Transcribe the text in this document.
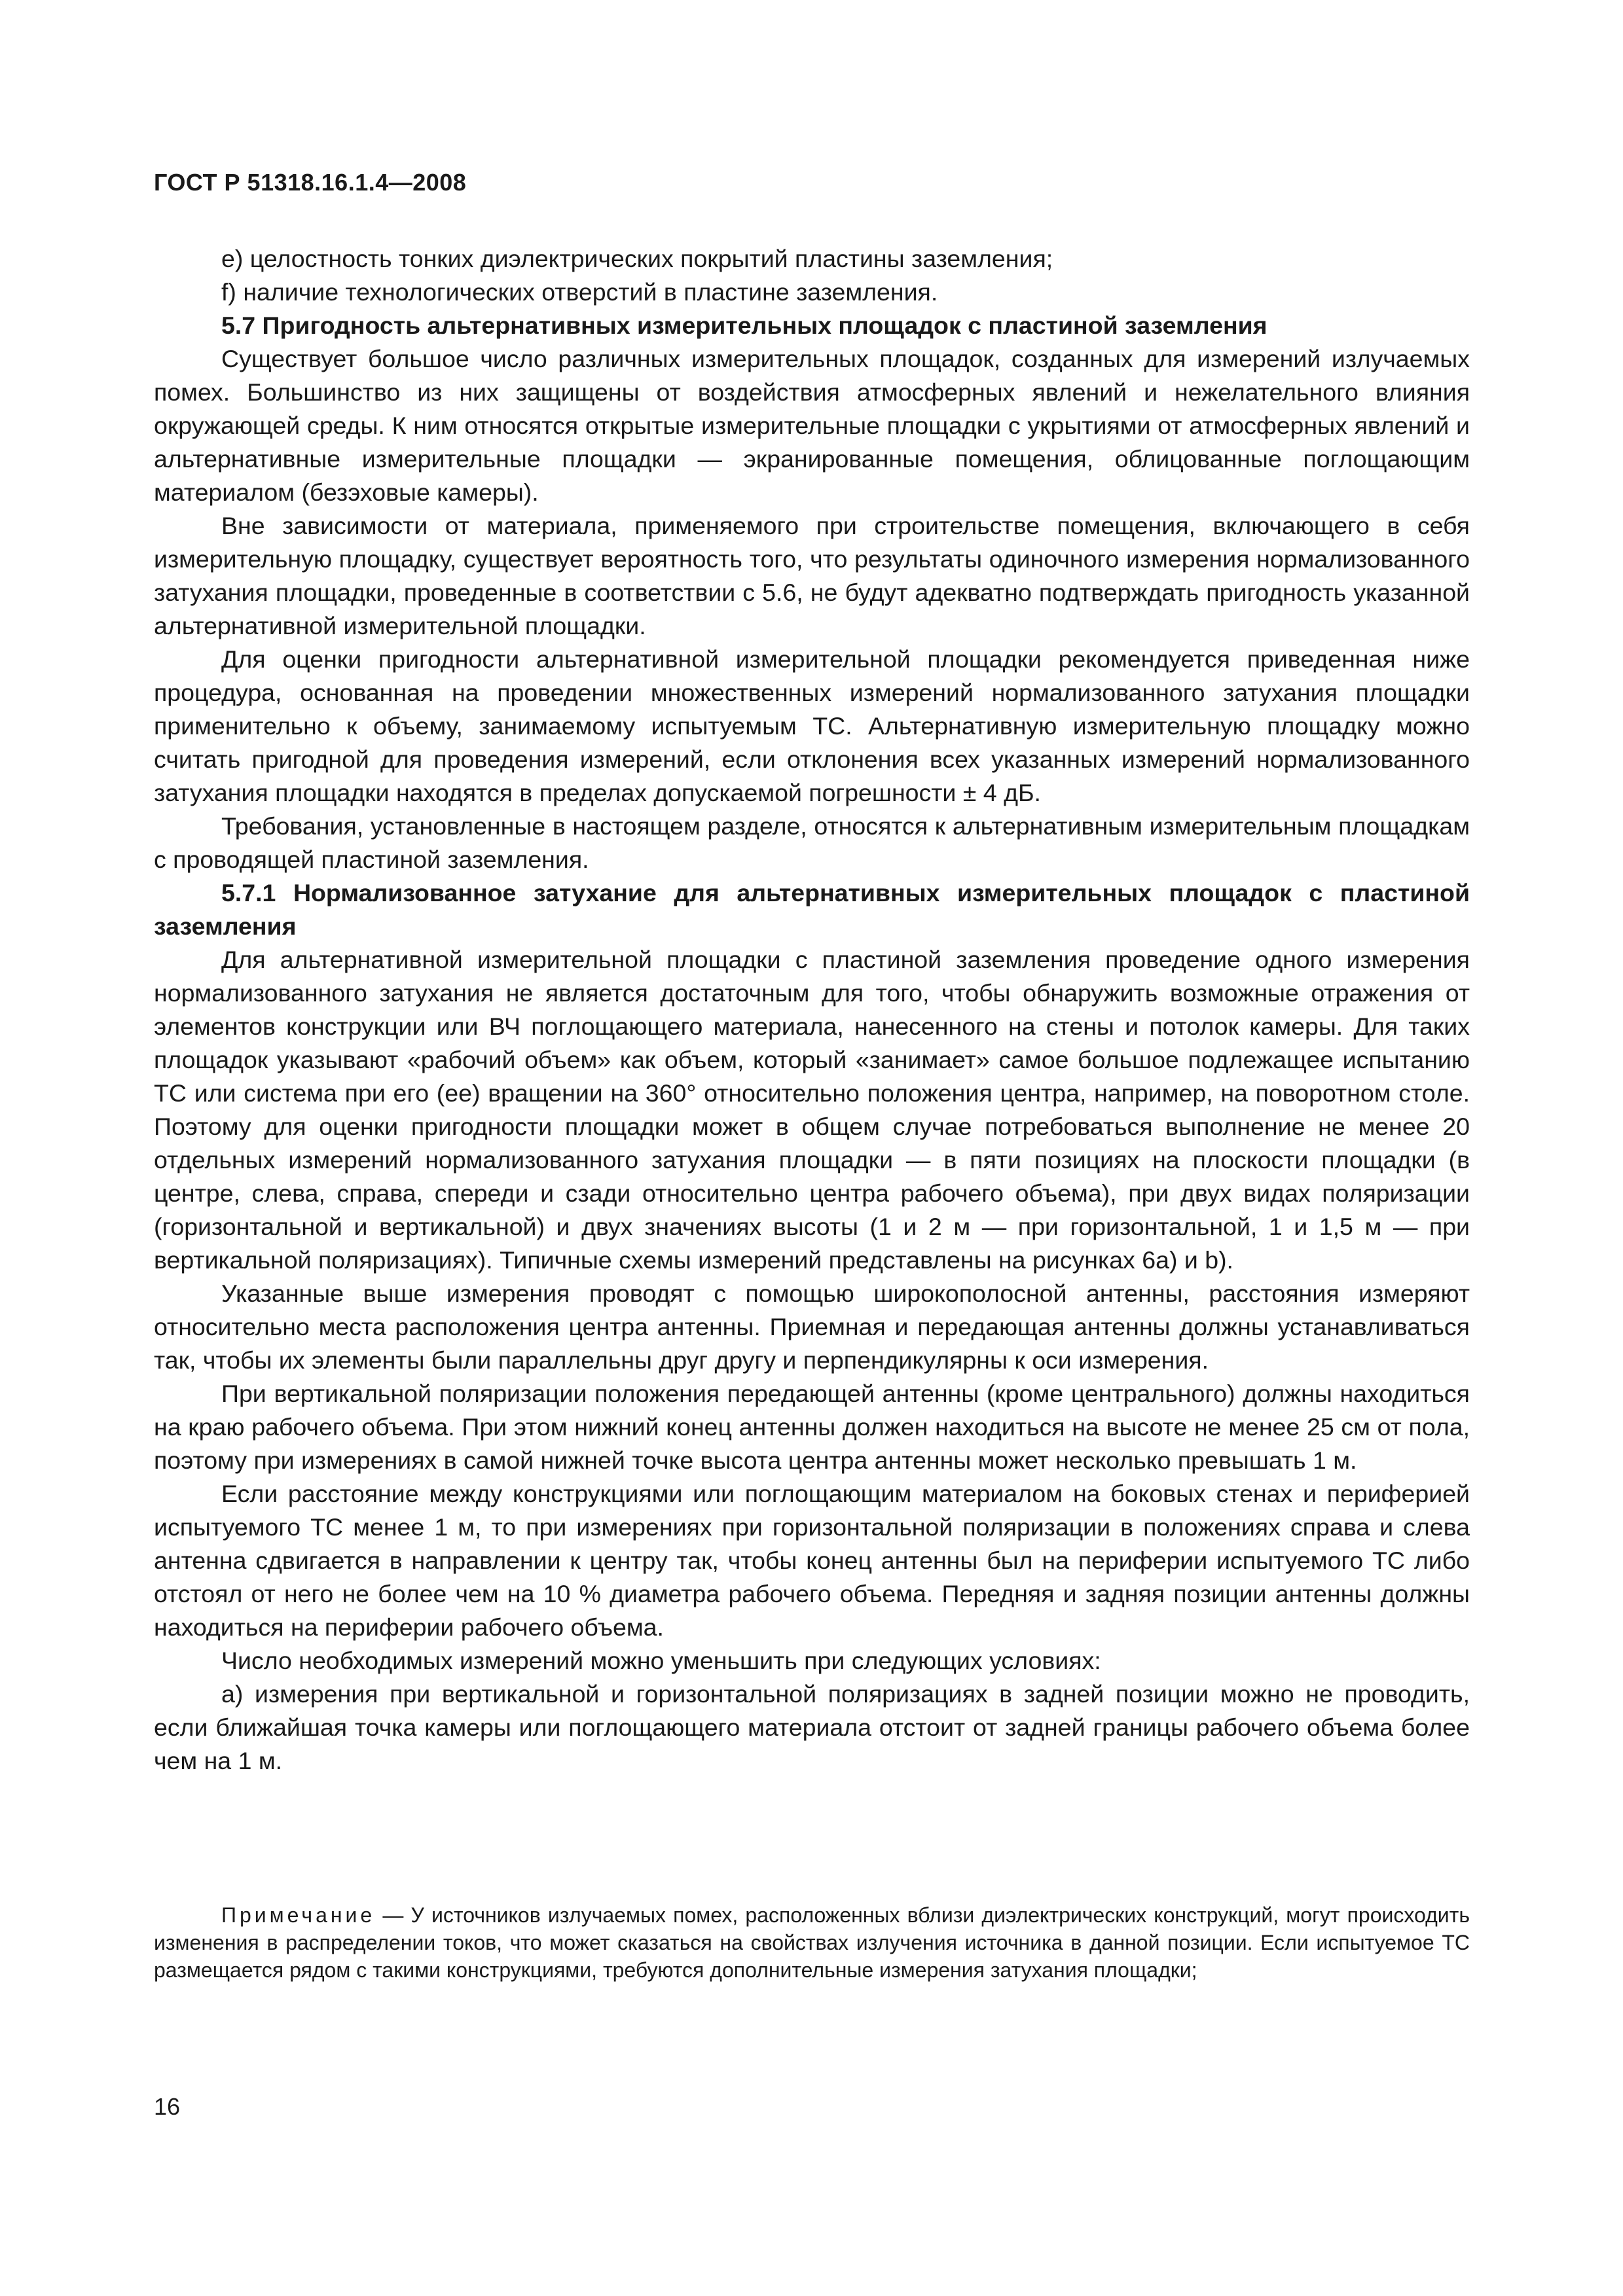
ГОСТ Р 51318.16.1.4—2008

е) целостность тонких диэлектрических покрытий пластины заземления;

f) наличие технологических отверстий в пластине заземления.

5.7 Пригодность альтернативных измерительных площадок с пластиной заземления

Существует большое число различных измерительных площадок, созданных для измерений излучаемых помех. Большинство из них защищены от воздействия атмосферных явлений и нежелательного влияния окружающей среды. К ним относятся открытые измерительные площадки с укрытиями от атмосферных явлений и альтернативные измерительные площадки — экранированные помещения, облицованные поглощающим материалом (безэховые камеры).

Вне зависимости от материала, применяемого при строительстве помещения, включающего в себя измерительную площадку, существует вероятность того, что результаты одиночного измерения нормализованного затухания площадки, проведенные в соответствии с 5.6, не будут адекватно подтверждать пригодность указанной альтернативной измерительной площадки.

Для оценки пригодности альтернативной измерительной площадки рекомендуется приведенная ниже процедура, основанная на проведении множественных измерений нормализованного затухания площадки применительно к объему, занимаемому испытуемым ТС. Альтернативную измерительную площадку можно считать пригодной для проведения измерений, если отклонения всех указанных измерений нормализованного затухания площадки находятся в пределах допускаемой погрешности ± 4 дБ.

Требования, установленные в настоящем разделе, относятся к альтернативным измерительным площадкам с проводящей пластиной заземления.

5.7.1 Нормализованное затухание для альтернативных измерительных площадок с пластиной заземления

Для альтернативной измерительной площадки с пластиной заземления проведение одного измерения нормализованного затухания не является достаточным для того, чтобы обнаружить возможные отражения от элементов конструкции или ВЧ поглощающего материала, нанесенного на стены и потолок камеры. Для таких площадок указывают «рабочий объем» как объем, который «занимает» самое большое подлежащее испытанию ТС или система при его (ее) вращении на 360° относительно положения центра, например, на поворотном столе. Поэтому для оценки пригодности площадки может в общем случае потребоваться выполнение не менее 20 отдельных измерений нормализованного затухания площадки — в пяти позициях на плоскости площадки (в центре, слева, справа, спереди и сзади относительно центра рабочего объема), при двух видах поляризации (горизонтальной и вертикальной) и двух значениях высоты (1 и 2 м — при горизонтальной, 1 и 1,5 м — при вертикальной поляризациях). Типичные схемы измерений представлены на рисунках 6а) и b).

Указанные выше измерения проводят с помощью широкополосной антенны, расстояния измеряют относительно места расположения центра антенны. Приемная и передающая антенны должны устанавливаться так, чтобы их элементы были параллельны друг другу и перпендикулярны к оси измерения.

При вертикальной поляризации положения передающей антенны (кроме центрального) должны находиться на краю рабочего объема. При этом нижний конец антенны должен находиться на высоте не менее 25 см от пола, поэтому при измерениях в самой нижней точке высота центра антенны может несколько превышать 1 м.

Если расстояние между конструкциями или поглощающим материалом на боковых стенах и периферией испытуемого ТС менее 1 м, то при измерениях при горизонтальной поляризации в положениях справа и слева антенна сдвигается в направлении к центру так, чтобы конец антенны был на периферии испытуемого ТС либо отстоял от него не более чем на 10 % диаметра рабочего объема. Передняя и задняя позиции антенны должны находиться на периферии рабочего объема.

Число необходимых измерений можно уменьшить при следующих условиях:

а) измерения при вертикальной и горизонтальной поляризациях в задней позиции можно не проводить, если ближайшая точка камеры или поглощающего материала отстоит от задней границы рабочего объема более чем на 1 м.

Примечание — У источников излучаемых помех, расположенных вблизи диэлектрических конструкций, могут происходить изменения в распределении токов, что может сказаться на свойствах излучения источника в данной позиции. Если испытуемое ТС размещается рядом с такими конструкциями, требуются дополнительные измерения затухания площадки;
16
